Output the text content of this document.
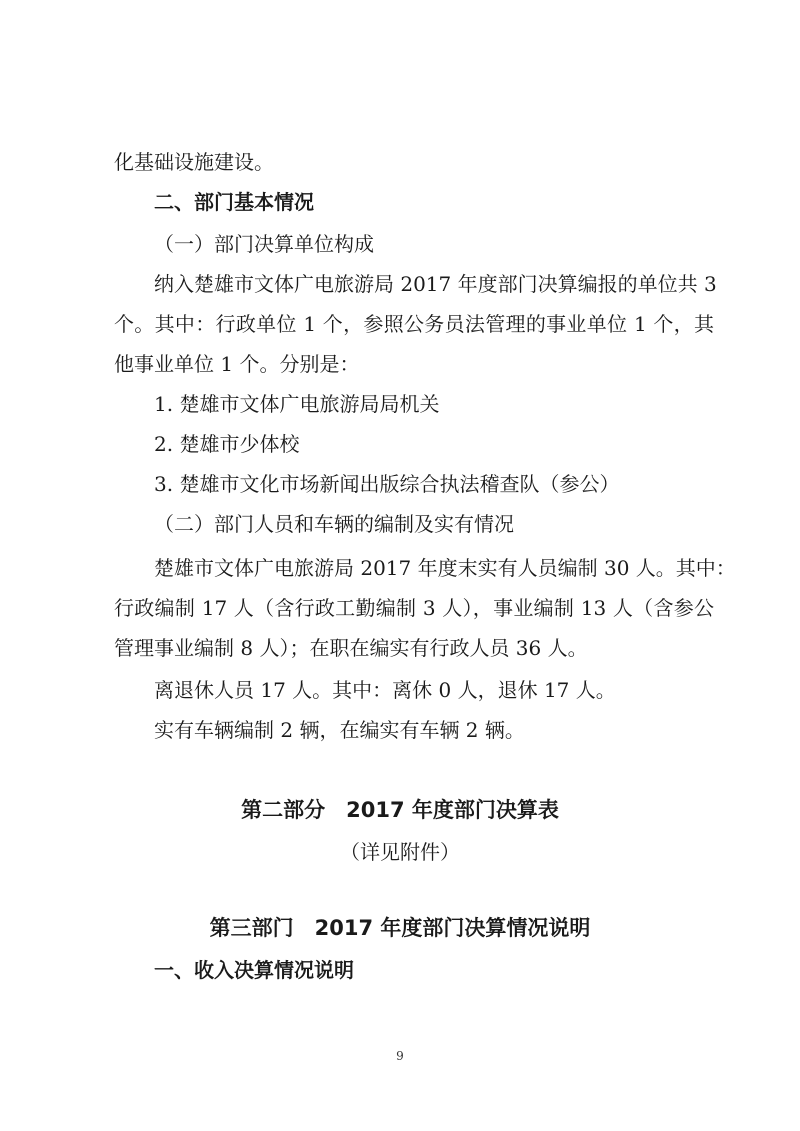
化基础设施建设。
二、部门基本情况
（一）部门决算单位构成
纳入楚雄市文体广电旅游局 2017 年度部门决算编报的单位共 3
个。其中：行政单位 1 个，参照公务员法管理的事业单位 1 个，其
他事业单位 1 个。分别是：
1. 楚雄市文体广电旅游局局机关
2. 楚雄市少体校
3. 楚雄市文化市场新闻出版综合执法稽查队（参公）
（二）部门人员和车辆的编制及实有情况
楚雄市文体广电旅游局 2017 年度末实有人员编制 30 人。其中：
行政编制 17 人（含行政工勤编制 3 人），事业编制 13 人（含参公
管理事业编制 8 人）；在职在编实有行政人员 36 人。
离退休人员 17 人。其中：离休 0 人，退休 17 人。
实有车辆编制 2 辆，在编实有车辆 2 辆。
第二部分　2017 年度部门决算表
（详见附件）
第三部门　2017 年度部门决算情况说明
一、收入决算情况说明
9
